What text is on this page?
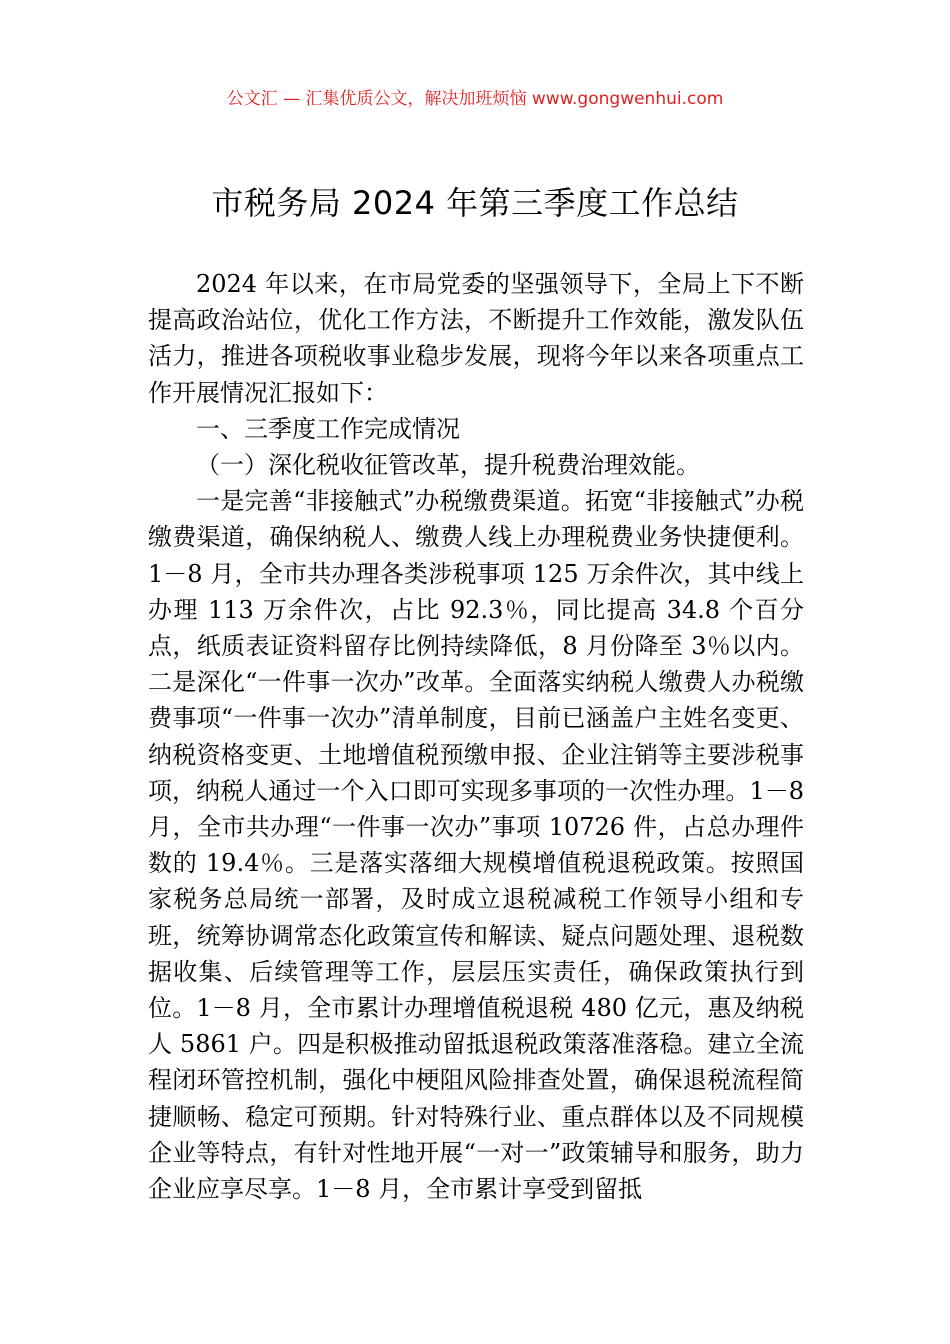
公文汇 — 汇集优质公文，解决加班烦恼 www.gongwenhui.com
市税务局 2024 年第三季度工作总结

2024 年以来，在市局党委的坚强领导下，全局上下不断提高政治站位，优化工作方法，不断提升工作效能，激发队伍活力，推进各项税收事业稳步发展，现将今年以来各项重点工作开展情况汇报如下：

一、三季度工作完成情况

（一）深化税收征管改革，提升税费治理效能。

一是完善“非接触式”办税缴费渠道。拓宽“非接触式”办税缴费渠道，确保纳税人、缴费人线上办理税费业务快捷便利。1－8 月，全市共办理各类涉税事项 125 万余件次，其中线上办理 113 万余件次，占比 92.3％，同比提高 34.8 个百分点，纸质表证资料留存比例持续降低，8 月份降至 3％以内。二是深化“一件事一次办”改革。全面落实纳税人缴费人办税缴费事项“一件事一次办”清单制度，目前已涵盖户主姓名变更、纳税资格变更、土地增值税预缴申报、企业注销等主要涉税事项，纳税人通过一个入口即可实现多事项的一次性办理。1－8 月，全市共办理“一件事一次办”事项 10726 件，占总办理件数的 19.4％。三是落实落细大规模增值税退税政策。按照国家税务总局统一部署，及时成立退税减税工作领导小组和专班，统筹协调常态化政策宣传和解读、疑点问题处理、退税数据收集、后续管理等工作，层层压实责任，确保政策执行到位。1－8 月，全市累计办理增值税退税 480 亿元，惠及纳税人 5861 户。四是积极推动留抵退税政策落准落稳。建立全流程闭环管控机制，强化中梗阻风险排查处置，确保退税流程简捷顺畅、稳定可预期。针对特殊行业、重点群体以及不同规模企业等特点，有针对性地开展“一对一”政策辅导和服务，助力企业应享尽享。1－8 月，全市累计享受到留抵
